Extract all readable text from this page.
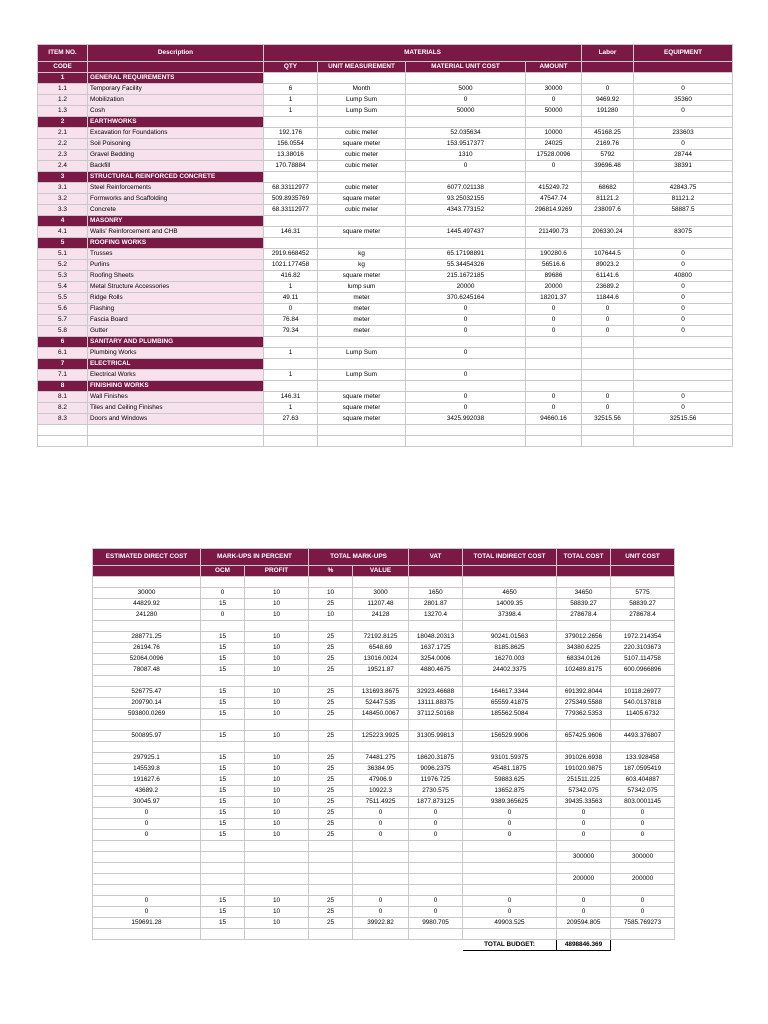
ITEM NO.	Description	MATERIALS				Labor	EQUIPMENT
CODE		QTY	UNIT MEASUREMENT	MATERIAL UNIT COST	AMOUNT		
1	GENERAL REQUIREMENTS						
1.1	Temporary Facility	6	Month	5000	30000	0	0
1.2	Mobilization	1	Lump Sum	0	0	9469.92	35360
1.3	Cosh	1	Lump Sum	50000	50000	191280	0
2	EARTHWORKS						
2.1	Excavation for Foundations	192.176	cubic meter	52.035634	10000	45168.25	233603
2.2	Soil Poisoning	156.0554	square meter	153.9517377	24025	2169.76	0
2.3	Gravel Bedding	13.38016	cubic meter	1310	17528.0096	5792	28744
2.4	Backfill	170.78884	cubic meter	0	0	39696.48	38391
3	STRUCTURAL REINFORCED CONCRETE						
3.1	Steel Reinforcements	68.33112977	cubic meter	6077.021138	415249.72	68682	42843.75
3.2	Formworks and Scaffolding	509.8935769	square meter	93.25032155	47547.74	81121.2	81121.2
3.3	Concrete	68.33112977	cubic meter	4343.773152	296814.9269	238097.6	58887.5
4	MASONRY						
4.1	Walls' Reinforcement and CHB	146.31	square meter	1445.497437	211490.73	206330.24	83075
5	ROOFING WORKS						
5.1	Trusses	2919.668452	kg	65.17198891	190280.6	107644.5	0
5.2	Purlins	1021.177458	kg	55.34454326	56516.6	89023.2	0
5.3	Roofing Sheets	416.82	square meter	215.1672185	89686	61141.6	40800
5.4	Metal Structure Accessories	1	lump sum	20000	20000	23689.2	0
5.5	Ridge Rolls	49.11	meter	370.6245164	18201.37	11844.6	0
5.6	Flashing	0	meter	0	0	0	0
5.7	Fascia Board	76.84	meter	0	0	0	0
5.8	Gutter	79.34	meter	0	0	0	0
6	SANITARY AND PLUMBING						
6.1	Plumbing Works	1	Lump Sum	0			
7	ELECTRICAL						
7.1	Electrical Works	1	Lump Sum	0			
8	FINISHING WORKS						
8.1	Wall Finishes	146.31	square meter	0	0	0	0
8.2	Tiles and Ceiling Finishes	1	square meter	0	0	0	0
8.3	Doors and Windows	27.63	square meter	3425.992038	94660.16	32515.56	32515.56

ESTIMATED DIRECT COST	MARK-UPS IN PERCENT		TOTAL MARK-UPS		VAT	TOTAL INDIRECT COST	TOTAL COST	UNIT COST
	OCM	PROFIT	%	VALUE				

30000	0	10	10	3000	1650	4650	34650	5775
44829.92	15	10	25	11207.48	2801.87	14009.35	58839.27	58839.27
241280	0	10	10	24128	13270.4	37398.4	278678.4	278678.4

288771.25	15	10	25	72192.8125	18048.20313	90241.01563	379012.2656	1972.214354
26194.76	15	10	25	6548.69	1637.1725	8185.8625	34380.6225	220.3103673
52064.0096	15	10	25	13016.0024	3254.0006	16270.003	68334.0126	5107.114758
78087.48	15	10	25	19521.87	4880.4675	24402.3375	102489.8175	600.0966896

526775.47	15	10	25	131693.8675	32923.46688	164617.3344	691392.8044	10118.26977
209790.14	15	10	25	52447.535	13111.88375	65559.41875	275349.5588	540.0137818
593800.0269	15	10	25	148450.0067	37112.50168	185562.5084	779362.5353	11405.6732

500895.97	15	10	25	125223.9925	31305.99813	156529.9906	657425.9606	4493.376807

297925.1	15	10	25	74481.275	18620.31875	93101.59375	391026.6938	133.928458
145539.8	15	10	25	36384.95	9096.2375	45481.1875	191020.9875	187.0595419
191627.6	15	10	25	47906.9	11976.725	59883.625	251511.225	603.404887
43689.2	15	10	25	10922.3	2730.575	13652.875	57342.075	57342.075
30045.97	15	10	25	7511.4925	1877.873125	9389.365625	39435.33563	803.0001145
0	15	10	25	0	0	0	0	0
0	15	10	25	0	0	0	0	0
0	15	10	25	0	0	0	0	0

							300000	300000

							200000	200000

0	15	10	25	0	0	0	0	0
0	15	10	25	0	0	0	0	0
159691.28	15	10	25	39922.82	9980.705	49903.525	209594.805	7585.769273

						TOTAL BUDGET:	4898846.369	
